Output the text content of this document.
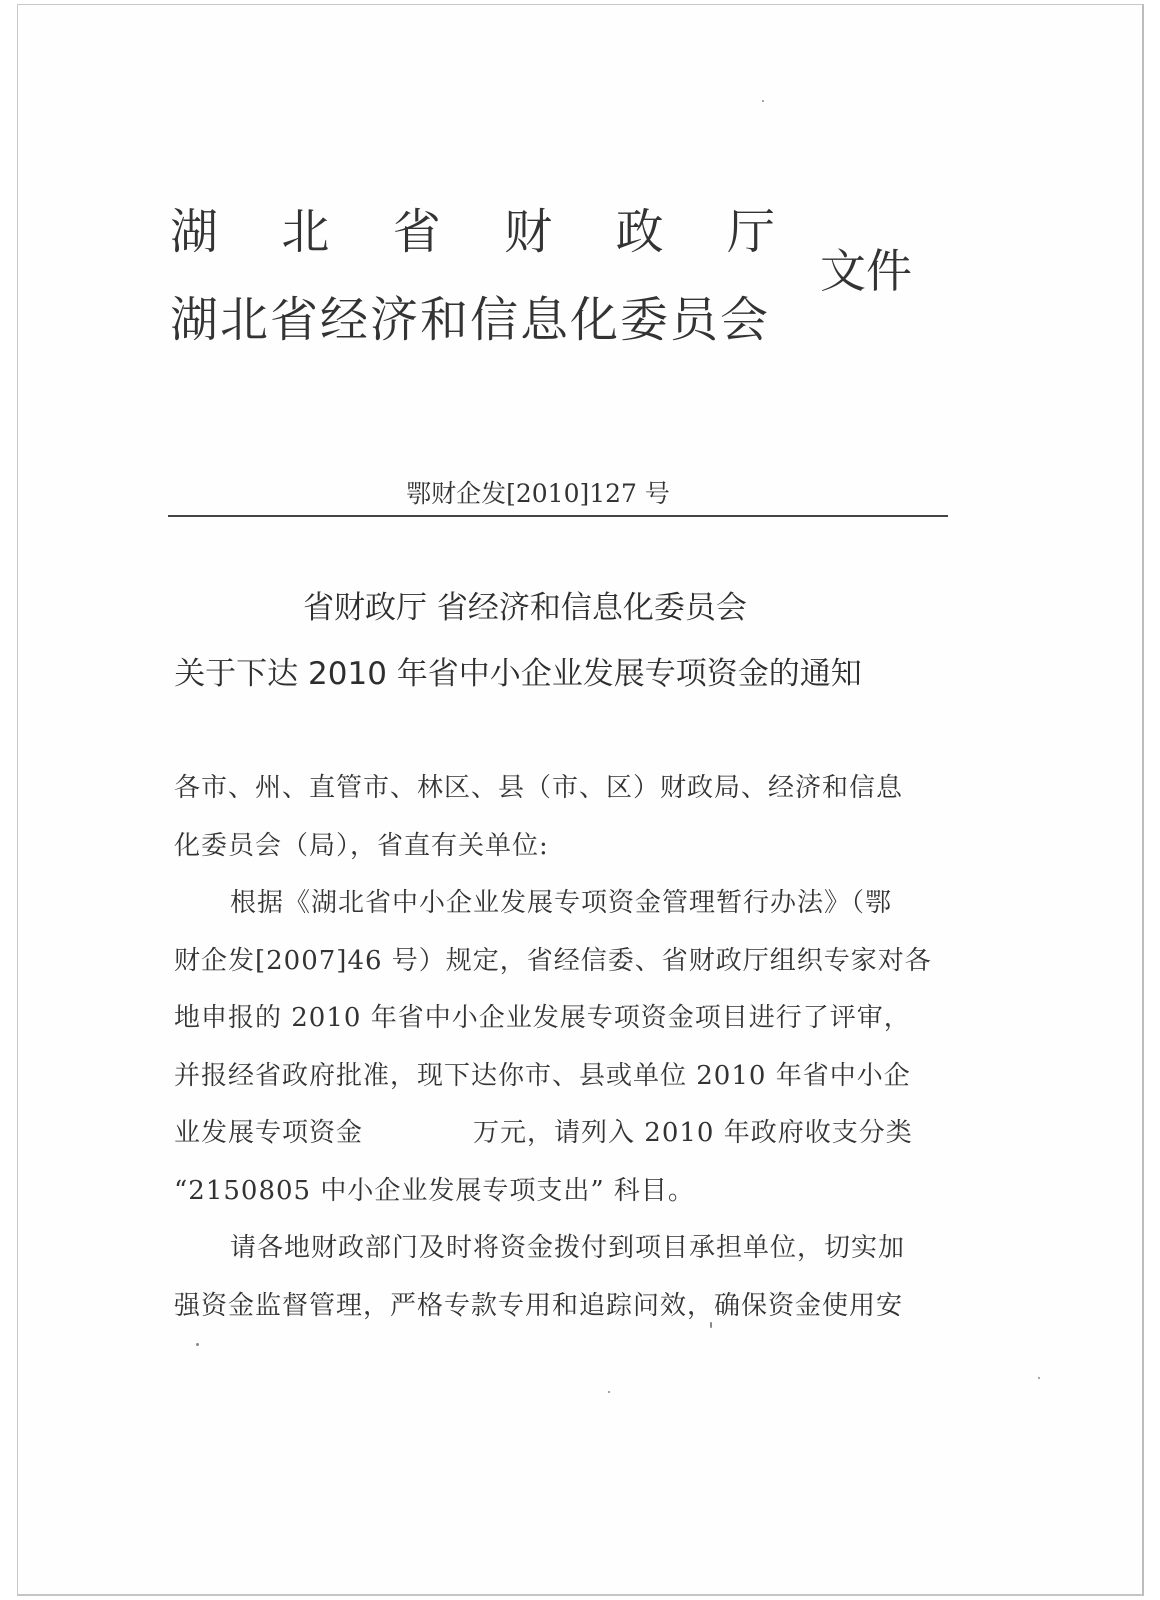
湖 北 省 财 政 厅
湖北省经济和信息化委员会
文件
鄂财企发[2010]127 号
省财政厅 省经济和信息化委员会
关于下达 2010 年省中小企业发展专项资金的通知
各市、州、直管市、林区、县（市、区）财政局、经济和信息
化委员会（局），省直有关单位:
根据《湖北省中小企业发展专项资金管理暂行办法》（鄂
财企发[2007]46 号）规定，省经信委、省财政厅组织专家对各
地申报的 2010 年省中小企业发展专项资金项目进行了评审，
并报经省政府批准，现下达你市、县或单位 2010 年省中小企
业发展专项资金	万元，请列入 2010 年政府收支分类
“2150805 中小企业发展专项支出” 科目。
请各地财政部门及时将资金拨付到项目承担单位，切实加
强资金监督管理，严格专款专用和追踪问效，确保资金使用安
